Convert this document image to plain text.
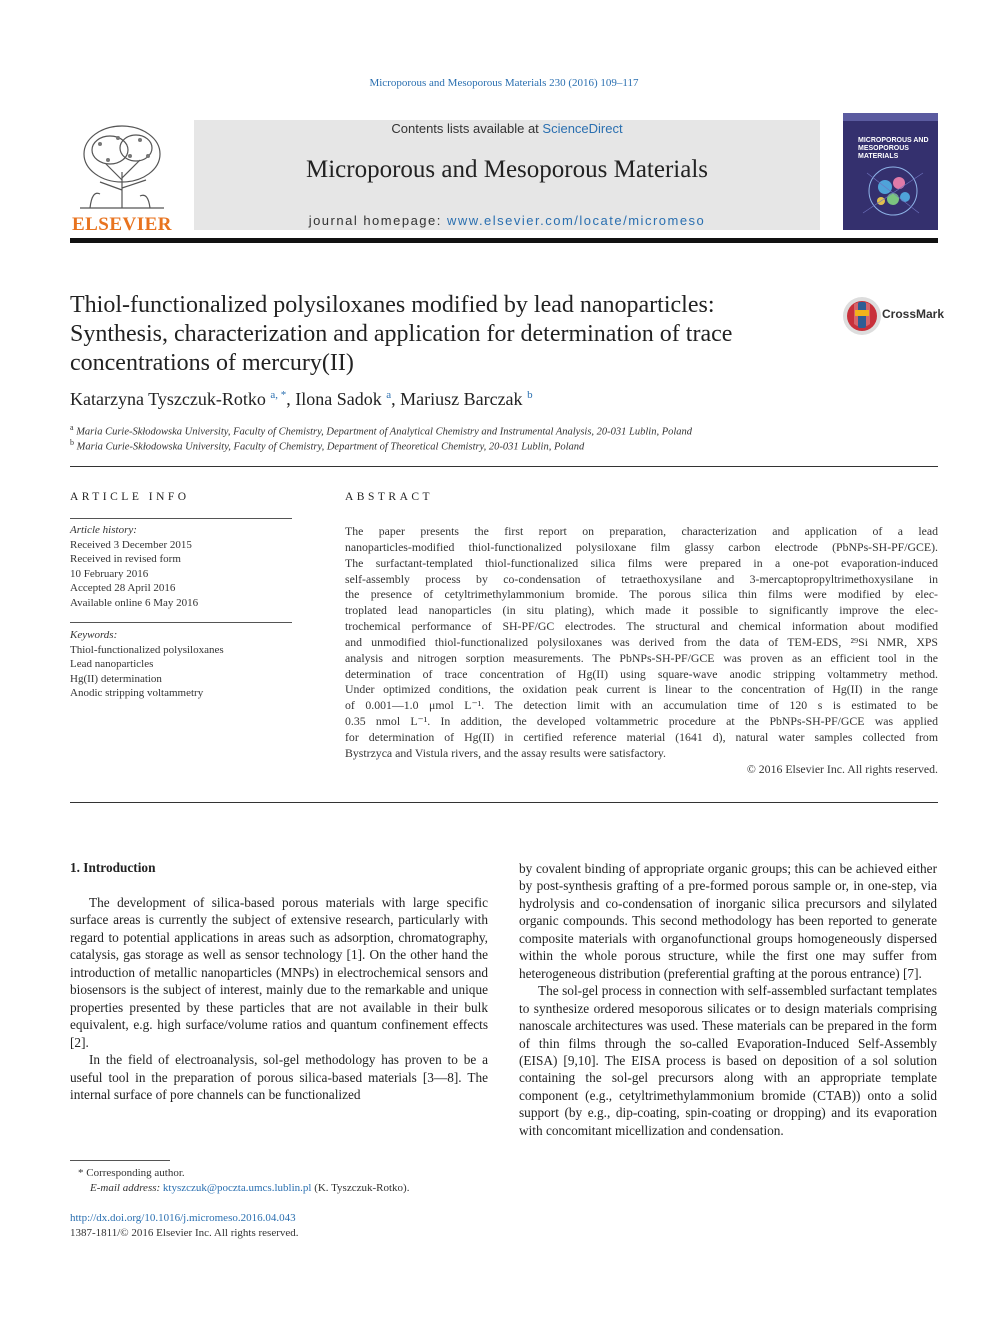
Microporous and Mesoporous Materials 230 (2016) 109–117
ELSEVIER
Contents lists available at ScienceDirect
Microporous and Mesoporous Materials
journal homepage: www.elsevier.com/locate/micromeso
MICROPOROUS AND MESOPOROUS MATERIALS
Thiol-functionalized polysiloxanes modified by lead nanoparticles:
Synthesis, characterization and application for determination of trace
concentrations of mercury(II)
CrossMark
Katarzyna Tyszczuk-Rotko $^{a, *}$, Ilona Sadok $^a$, Mariusz Barczak $^b$
$^a$ Maria Curie-Skłodowska University, Faculty of Chemistry, Department of Analytical Chemistry and Instrumental Analysis, 20-031 Lublin, Poland
$^b$ Maria Curie-Skłodowska University, Faculty of Chemistry, Department of Theoretical Chemistry, 20-031 Lublin, Poland
ARTICLE INFO
Article history:
Received 3 December 2015
Received in revised form
10 February 2016
Accepted 28 April 2016
Available online 6 May 2016
Keywords:
Thiol-functionalized polysiloxanes
Lead nanoparticles
Hg(II) determination
Anodic stripping voltammetry
ABSTRACT
The paper presents the first report on preparation, characterization and application of a lead
nanoparticles-modified thiol-functionalized polysiloxane film glassy carbon electrode (PbNPs-SH-PF/GCE).
The surfactant-templated thiol-functionalized silica films were prepared in a one-pot evaporation-induced
self-assembly process by co-condensation of tetraethoxysilane and 3-mercaptopropyltrimethoxysilane in
the presence of cetyltrimethylammonium bromide. The porous silica thin films were modified by elec-
troplated lead nanoparticles (in situ plating), which made it possible to significantly improve the elec-
trochemical performance of SH-PF/GC electrodes. The structural and chemical information about modified
and unmodified thiol-functionalized polysiloxanes was derived from the data of TEM-EDS, ²⁹Si NMR, XPS
analysis and nitrogen sorption measurements. The PbNPs-SH-PF/GCE was proven as an efficient tool in the
determination of trace concentration of Hg(II) using square-wave anodic stripping voltammetry method.
Under optimized conditions, the oxidation peak current is linear to the concentration of Hg(II) in the range
of 0.001—1.0 μmol L⁻¹. The detection limit with an accumulation time of 120 s is estimated to be
0.35 nmol L⁻¹. In addition, the developed voltammetric procedure at the PbNPs-SH-PF/GCE was applied
for determination of Hg(II) in certified reference material (1641 d), natural water samples collected from
Bystrzyca and Vistula rivers, and the assay results were satisfactory.
© 2016 Elsevier Inc. All rights reserved.
1. Introduction

The development of silica-based porous materials with large specific surface areas is currently the subject of extensive research, particularly with regard to potential applications in areas such as adsorption, chromatography, catalysis, gas storage as well as sensor technology [1]. On the other hand the introduction of metallic nanoparticles (MNPs) in electrochemical sensors and biosensors is the subject of interest, mainly due to the remarkable and unique properties presented by these particles that are not available in their bulk equivalent, e.g. high surface/volume ratios and quantum confinement effects [2].

In the field of electroanalysis, sol-gel methodology has proven to be a useful tool in the preparation of porous silica-based materials [3—8]. The internal surface of pore channels can be functionalized

by covalent binding of appropriate organic groups; this can be achieved either by post-synthesis grafting of a pre-formed porous sample or, in one-step, via hydrolysis and co-condensation of inorganic silica precursors and silylated organic compounds. This second methodology has been reported to generate composite materials with organofunctional groups homogeneously dispersed within the whole porous structure, while the first one may suffer from heterogeneous distribution (preferential grafting at the porous entrance) [7].

The sol-gel process in connection with self-assembled surfactant templates to synthesize ordered mesoporous silicates or to design materials comprising nanoscale architectures was used. These materials can be prepared in the form of thin films through the so-called Evaporation-Induced Self-Assembly (EISA) [9,10]. The EISA process is based on deposition of a sol solution containing the sol-gel precursors along with an appropriate template component (e.g., cetyltrimethylammonium bromide (CTAB)) onto a solid support (by e.g., dip-coating, spin-coating or dropping) and its evaporation with concomitant micellization and condensation.

* Corresponding author.
E-mail address: ktyszczuk@poczta.umcs.lublin.pl (K. Tyszczuk-Rotko).
http://dx.doi.org/10.1016/j.micromeso.2016.04.043
1387-1811/© 2016 Elsevier Inc. All rights reserved.
